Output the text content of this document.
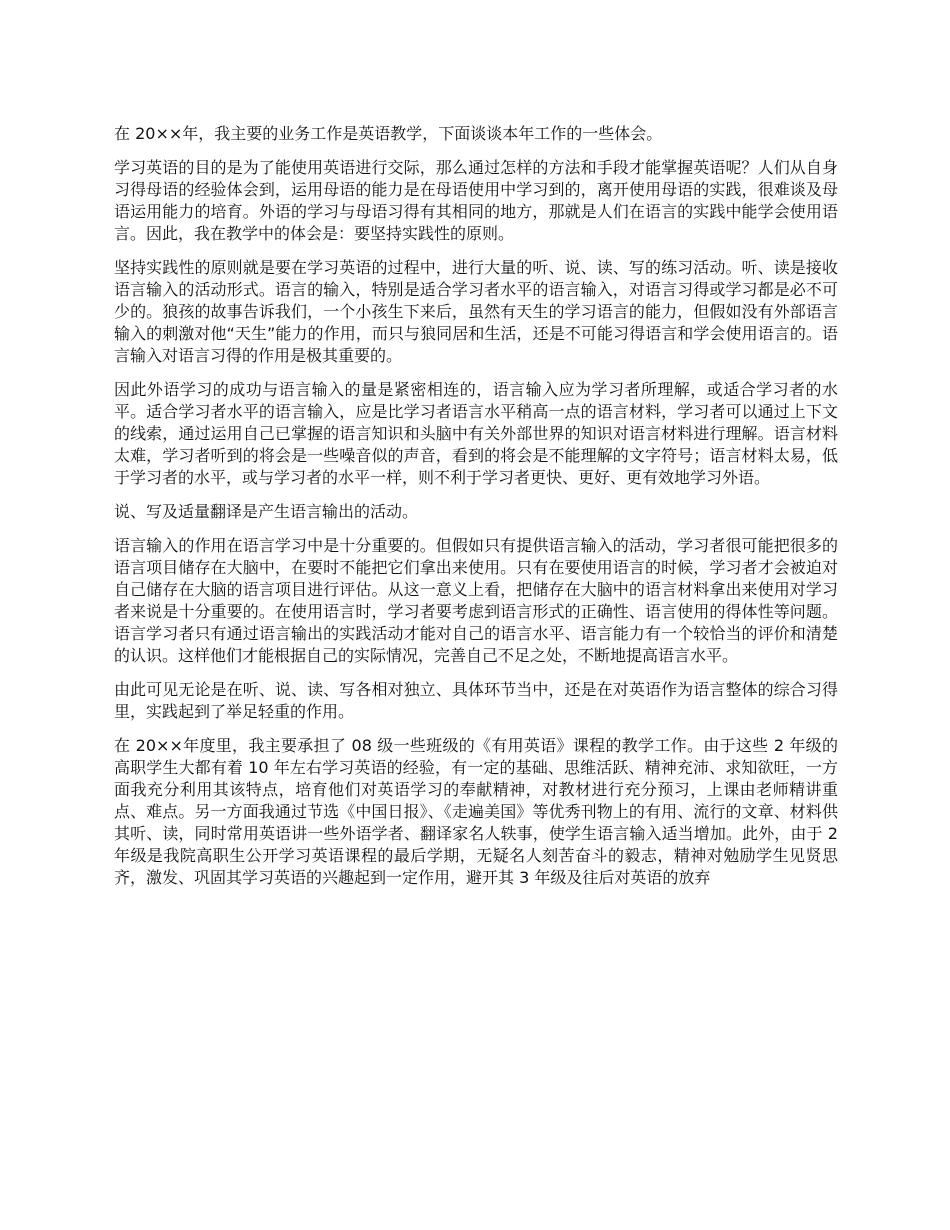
在 20××年，我主要的业务工作是英语教学，下面谈谈本年工作的一些体会。

学习英语的目的是为了能使用英语进行交际，那么通过怎样的方法和手段才能掌握英语呢？人们从自身习得母语的经验体会到，运用母语的能力是在母语使用中学习到的，离开使用母语的实践，很难谈及母语运用能力的培育。外语的学习与母语习得有其相同的地方，那就是人们在语言的实践中能学会使用语言。因此，我在教学中的体会是：要坚持实践性的原则。

坚持实践性的原则就是要在学习英语的过程中，进行大量的听、说、读、写的练习活动。听、读是接收语言输入的活动形式。语言的输入，特别是适合学习者水平的语言输入，对语言习得或学习都是必不可少的。狼孩的故事告诉我们，一个小孩生下来后，虽然有天生的学习语言的能力，但假如没有外部语言输入的刺激对他“天生”能力的作用，而只与狼同居和生活，还是不可能习得语言和学会使用语言的。语言输入对语言习得的作用是极其重要的。

因此外语学习的成功与语言输入的量是紧密相连的，语言输入应为学习者所理解，或适合学习者的水平。适合学习者水平的语言输入，应是比学习者语言水平稍高一点的语言材料，学习者可以通过上下文的线索，通过运用自己已掌握的语言知识和头脑中有关外部世界的知识对语言材料进行理解。语言材料太难，学习者听到的将会是一些噪音似的声音，看到的将会是不能理解的文字符号；语言材料太易，低于学习者的水平，或与学习者的水平一样，则不利于学习者更快、更好、更有效地学习外语。

说、写及适量翻译是产生语言输出的活动。

语言输入的作用在语言学习中是十分重要的。但假如只有提供语言输入的活动，学习者很可能把很多的语言项目储存在大脑中，在要时不能把它们拿出来使用。只有在要使用语言的时候，学习者才会被迫对自己储存在大脑的语言项目进行评估。从这一意义上看，把储存在大脑中的语言材料拿出来使用对学习者来说是十分重要的。在使用语言时，学习者要考虑到语言形式的正确性、语言使用的得体性等问题。语言学习者只有通过语言输出的实践活动才能对自己的语言水平、语言能力有一个较恰当的评价和清楚的认识。这样他们才能根据自己的实际情况，完善自己不足之处，不断地提高语言水平。

由此可见无论是在听、说、读、写各相对独立、具体环节当中，还是在对英语作为语言整体的综合习得里，实践起到了举足轻重的作用。

在 20××年度里，我主要承担了 08 级一些班级的《有用英语》课程的教学工作。由于这些 2 年级的高职学生大都有着 10 年左右学习英语的经验，有一定的基础、思维活跃、精神充沛、求知欲旺，一方面我充分利用其该特点，培育他们对英语学习的奉献精神，对教材进行充分预习，上课由老师精讲重点、难点。另一方面我通过节选《中国日报》、《走遍美国》等优秀刊物上的有用、流行的文章、材料供其听、读，同时常用英语讲一些外语学者、翻译家名人轶事，使学生语言输入适当增加。此外，由于 2 年级是我院高职生公开学习英语课程的最后学期，无疑名人刻苦奋斗的毅志，精神对勉励学生见贤思齐，激发、巩固其学习英语的兴趣起到一定作用，避开其 3 年级及往后对英语的放弃
